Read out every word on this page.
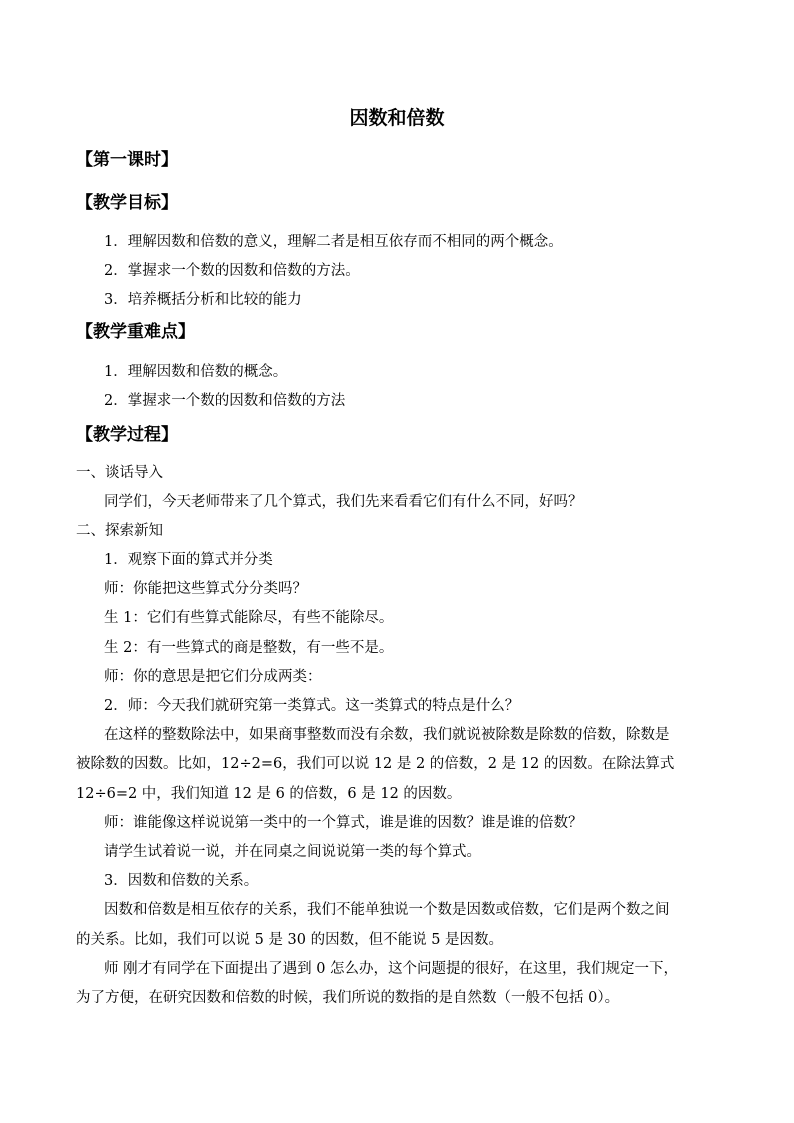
因数和倍数
【第一课时】
【教学目标】
1．理解因数和倍数的意义，理解二者是相互依存而不相同的两个概念。
2．掌握求一个数的因数和倍数的方法。
3．培养概括分析和比较的能力
【教学重难点】
1．理解因数和倍数的概念。
2．掌握求一个数的因数和倍数的方法
【教学过程】
一、谈话导入
同学们，今天老师带来了几个算式，我们先来看看它们有什么不同，好吗？
二、探索新知
1．观察下面的算式并分类
师：你能把这些算式分分类吗？
生 1：它们有些算式能除尽，有些不能除尽。
生 2：有一些算式的商是整数，有一些不是。
师：你的意思是把它们分成两类：
2．师：今天我们就研究第一类算式。这一类算式的特点是什么？
在这样的整数除法中，如果商事整数而没有余数，我们就说被除数是除数的倍数，除数是
被除数的因数。比如，12÷2=6，我们可以说 12 是 2 的倍数，2 是 12 的因数。在除法算式
12÷6=2 中，我们知道 12 是 6 的倍数，6 是 12 的因数。
师：谁能像这样说说第一类中的一个算式，谁是谁的因数？谁是谁的倍数？
请学生试着说一说，并在同桌之间说说第一类的每个算式。
3．因数和倍数的关系。
因数和倍数是相互依存的关系，我们不能单独说一个数是因数或倍数，它们是两个数之间
的关系。比如，我们可以说 5 是 30 的因数，但不能说 5 是因数。
师 刚才有同学在下面提出了遇到 0 怎么办，这个问题提的很好，在这里，我们规定一下，
为了方便，在研究因数和倍数的时候，我们所说的数指的是自然数（一般不包括 0）。
